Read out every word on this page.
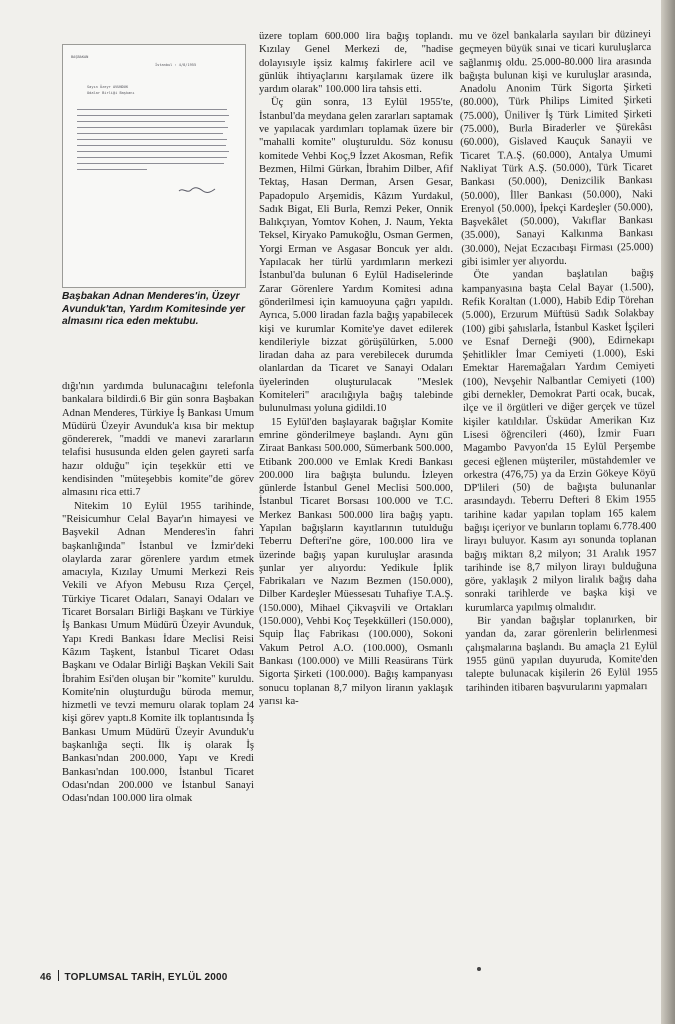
BAŞBAKAN
İstanbul : 4/8/1955
Sayın Üzeyr AVUNDUK
Odalar Birliği Başkanı
Başbakan Adnan Menderes'in, Üzeyr Avunduk'tan, Yardım Komitesinde yer almasını rica eden mektubu.

dığı'nın yardımda bulunacağını telefonla bankalara bildirdi.6 Bir gün sonra Başbakan Adnan Menderes, Türkiye İş Bankası Umum Müdürü Üzeyir Avunduk'a kısa bir mektup göndererek, "maddi ve manevi zararların telafisi hususunda elden gelen gayreti sarfa hazır olduğu" için teşekkür etti ve kendisinden "müteşebbis komite"de görev almasını rica etti.7

Nitekim 10 Eylül 1955 tarihinde, "Reisicumhur Celal Bayar'ın himayesi ve Başvekil Adnan Menderes'in fahri başkanlığında" İstanbul ve İzmir'deki olaylarda zarar görenlere yardım etmek amacıyla, Kızılay Umumi Merkezi Reis Vekili ve Afyon Mebusu Rıza Çerçel, Türkiye Ticaret Odaları, Sanayi Odaları ve Ticaret Borsaları Birliği Başkanı ve Türkiye İş Bankası Umum Müdürü Üzeyir Avunduk, Yapı Kredi Bankası İdare Meclisi Reisi Kâzım Taşkent, İstanbul Ticaret Odası Başkanı ve Odalar Birliği Başkan Vekili Sait İbrahim Esi'den oluşan bir "komite" kuruldu. Komite'nin oluşturduğu büroda memur, hizmetli ve tevzi memuru olarak toplam 24 kişi görev yaptı.8 Komite ilk toplantısında İş Bankası Umum Müdürü Üzeyir Avunduk'u başkanlığa seçti. İlk iş olarak İş Bankası'ndan 200.000, Yapı ve Kredi Bankası'ndan 100.000, İstanbul Ticaret Odası'ndan 200.000 ve İstanbul Sanayi Odası'ndan 100.000 lira olmak

üzere toplam 600.000 lira bağış toplandı. Kızılay Genel Merkezi de, "hadise dolayısıyle işsiz kalmış fakirlere acil ve günlük ihtiyaçlarını karşılamak üzere ilk yardım olarak" 100.000 lira tahsis etti.

Üç gün sonra, 13 Eylül 1955'te, İstanbul'da meydana gelen zararları saptamak ve yapılacak yardımları toplamak üzere bir "mahalli komite" oluşturuldu. Söz konusu komitede Vehbi Koç,9 İzzet Akosman, Refik Bezmen, Hilmi Gürkan, İbrahim Dilber, Afif Tektaş, Hasan Derman, Arsen Gesar, Papadopulo Arşemidis, Kâzım Yurdakul, Sadık Bigat, Eli Burla, Remzi Peker, Onnik Balıkçıyan, Yomtov Kohen, J. Naum, Yekta Teksel, Kiryako Pamukoğlu, Osman Germen, Yorgi Erman ve Asgasar Boncuk yer aldı. Yapılacak her türlü yardımların merkezi İstanbul'da bulunan 6 Eylül Hadiselerinde Zarar Görenlere Yardım Komitesi adına gönderilmesi için kamuoyuna çağrı yapıldı. Ayrıca, 5.000 liradan fazla bağış yapabilecek kişi ve kurumlar Komite'ye davet edilerek kendileriyle bizzat görüşülürken, 5.000 liradan daha az para verebilecek durumda olanlardan da Ticaret ve Sanayi Odaları üyelerinden oluşturulacak "Meslek Komiteleri" aracılığıyla bağış talebinde bulunulması yoluna gidildi.10

15 Eylül'den başlayarak bağışlar Komite emrine gönderilmeye başlandı. Aynı gün Ziraat Bankası 500.000, Sümerbank 500.000, Etibank 200.000 ve Emlak Kredi Bankası 200.000 lira bağışta bulundu. İzleyen günlerde İstanbul Genel Meclisi 500.000, İstanbul Ticaret Borsası 100.000 ve T.C. Merkez Bankası 500.000 lira bağış yaptı. Yapılan bağışların kayıtlarının tutulduğu Teberru Defteri'ne göre, 100.000 lira ve üzerinde bağış yapan kuruluşlar arasında şunlar yer alıyordu: Yedikule İplik Fabrikaları ve Nazım Bezmen (150.000), Dilber Kardeşler Müessesatı Tuhafiye T.A.Ş. (150.000), Mihael Çikvaşvili ve Ortakları (150.000), Vehbi Koç Teşekkülleri (150.000), Squip İlaç Fabrikası (100.000), Sokoni Vakum Petrol A.O. (100.000), Osmanlı Bankası (100.000) ve Milli Reasürans Türk Sigorta Şirketi (100.000). Bağış kampanyası sonucu toplanan 8,7 milyon liranın yaklaşık yarısı ka-

mu ve özel bankalarla sayıları bir düzineyi geçmeyen büyük sınai ve ticari kuruluşlarca sağlanmış oldu. 25.000-80.000 lira arasında bağışta bulunan kişi ve kuruluşlar arasında, Anadolu Anonim Türk Sigorta Şirketi (80.000), Türk Philips Limited Şirketi (75.000), Üniliver İş Türk Limited Şirketi (75.000), Burla Biraderler ve Şürekâsı (60.000), Gislaved Kauçuk Sanayii ve Ticaret T.A.Ş. (60.000), Antalya Umumi Nakliyat Türk A.Ş. (50.000), Türk Ticaret Bankası (50.000), Denizcilik Bankası (50.000), İller Bankası (50.000), Naki Erenyol (50.000), İpekçi Kardeşler (50.000), Başvekâlet (50.000), Vakıflar Bankası (35.000), Sanayi Kalkınma Bankası (30.000), Nejat Eczacıbaşı Firması (25.000) gibi isimler yer alıyordu.

Öte yandan başlatılan bağış kampanyasına başta Celal Bayar (1.500), Refik Koraltan (1.000), Habib Edip Törehan (5.000), Erzurum Müftüsü Sadık Solakbay (100) gibi şahıslarla, İstanbul Kasket İşçileri ve Esnaf Derneği (900), Edirnekapı Şehitlikler İmar Cemiyeti (1.000), Eski Emektar Haremağaları Yardım Cemiyeti (100), Nevşehir Nalbantlar Cemiyeti (100) gibi dernekler, Demokrat Parti ocak, bucak, ilçe ve il örgütleri ve diğer gerçek ve tüzel kişiler katıldılar. Üsküdar Amerikan Kız Lisesi öğrencileri (460), İzmir Fuarı Magambo Pavyon'da 15 Eylül Perşembe gecesi eğlenen müşteriler, müstahdemler ve orkestra (476,75) ya da Erzin Gökeye Köyü DP'lileri (50) de bağışta bulunanlar arasındaydı. Teberru Defteri 8 Ekim 1955 tarihine kadar yapılan toplam 165 kalem bağışı içeriyor ve bunların toplamı 6.778.400 lirayı buluyor. Kasım ayı sonunda toplanan bağış miktarı 8,2 milyon; 31 Aralık 1957 tarihinde ise 8,7 milyon lirayı bulduğuna göre, yaklaşık 2 milyon liralık bağış daha sonraki tarihlerde ve başka kişi ve kurumlarca yapılmış olmalıdır.

Bir yandan bağışlar toplanırken, bir yandan da, zarar görenlerin belirlenmesi çalışmalarına başlandı. Bu amaçla 21 Eylül 1955 günü yapılan duyuruda, Komite'den talepte bulunacak kişilerin 26 Eylül 1955 tarihinden itibaren başvurularını yapmaları

46 TOPLUMSAL TARİH, EYLÜL 2000
